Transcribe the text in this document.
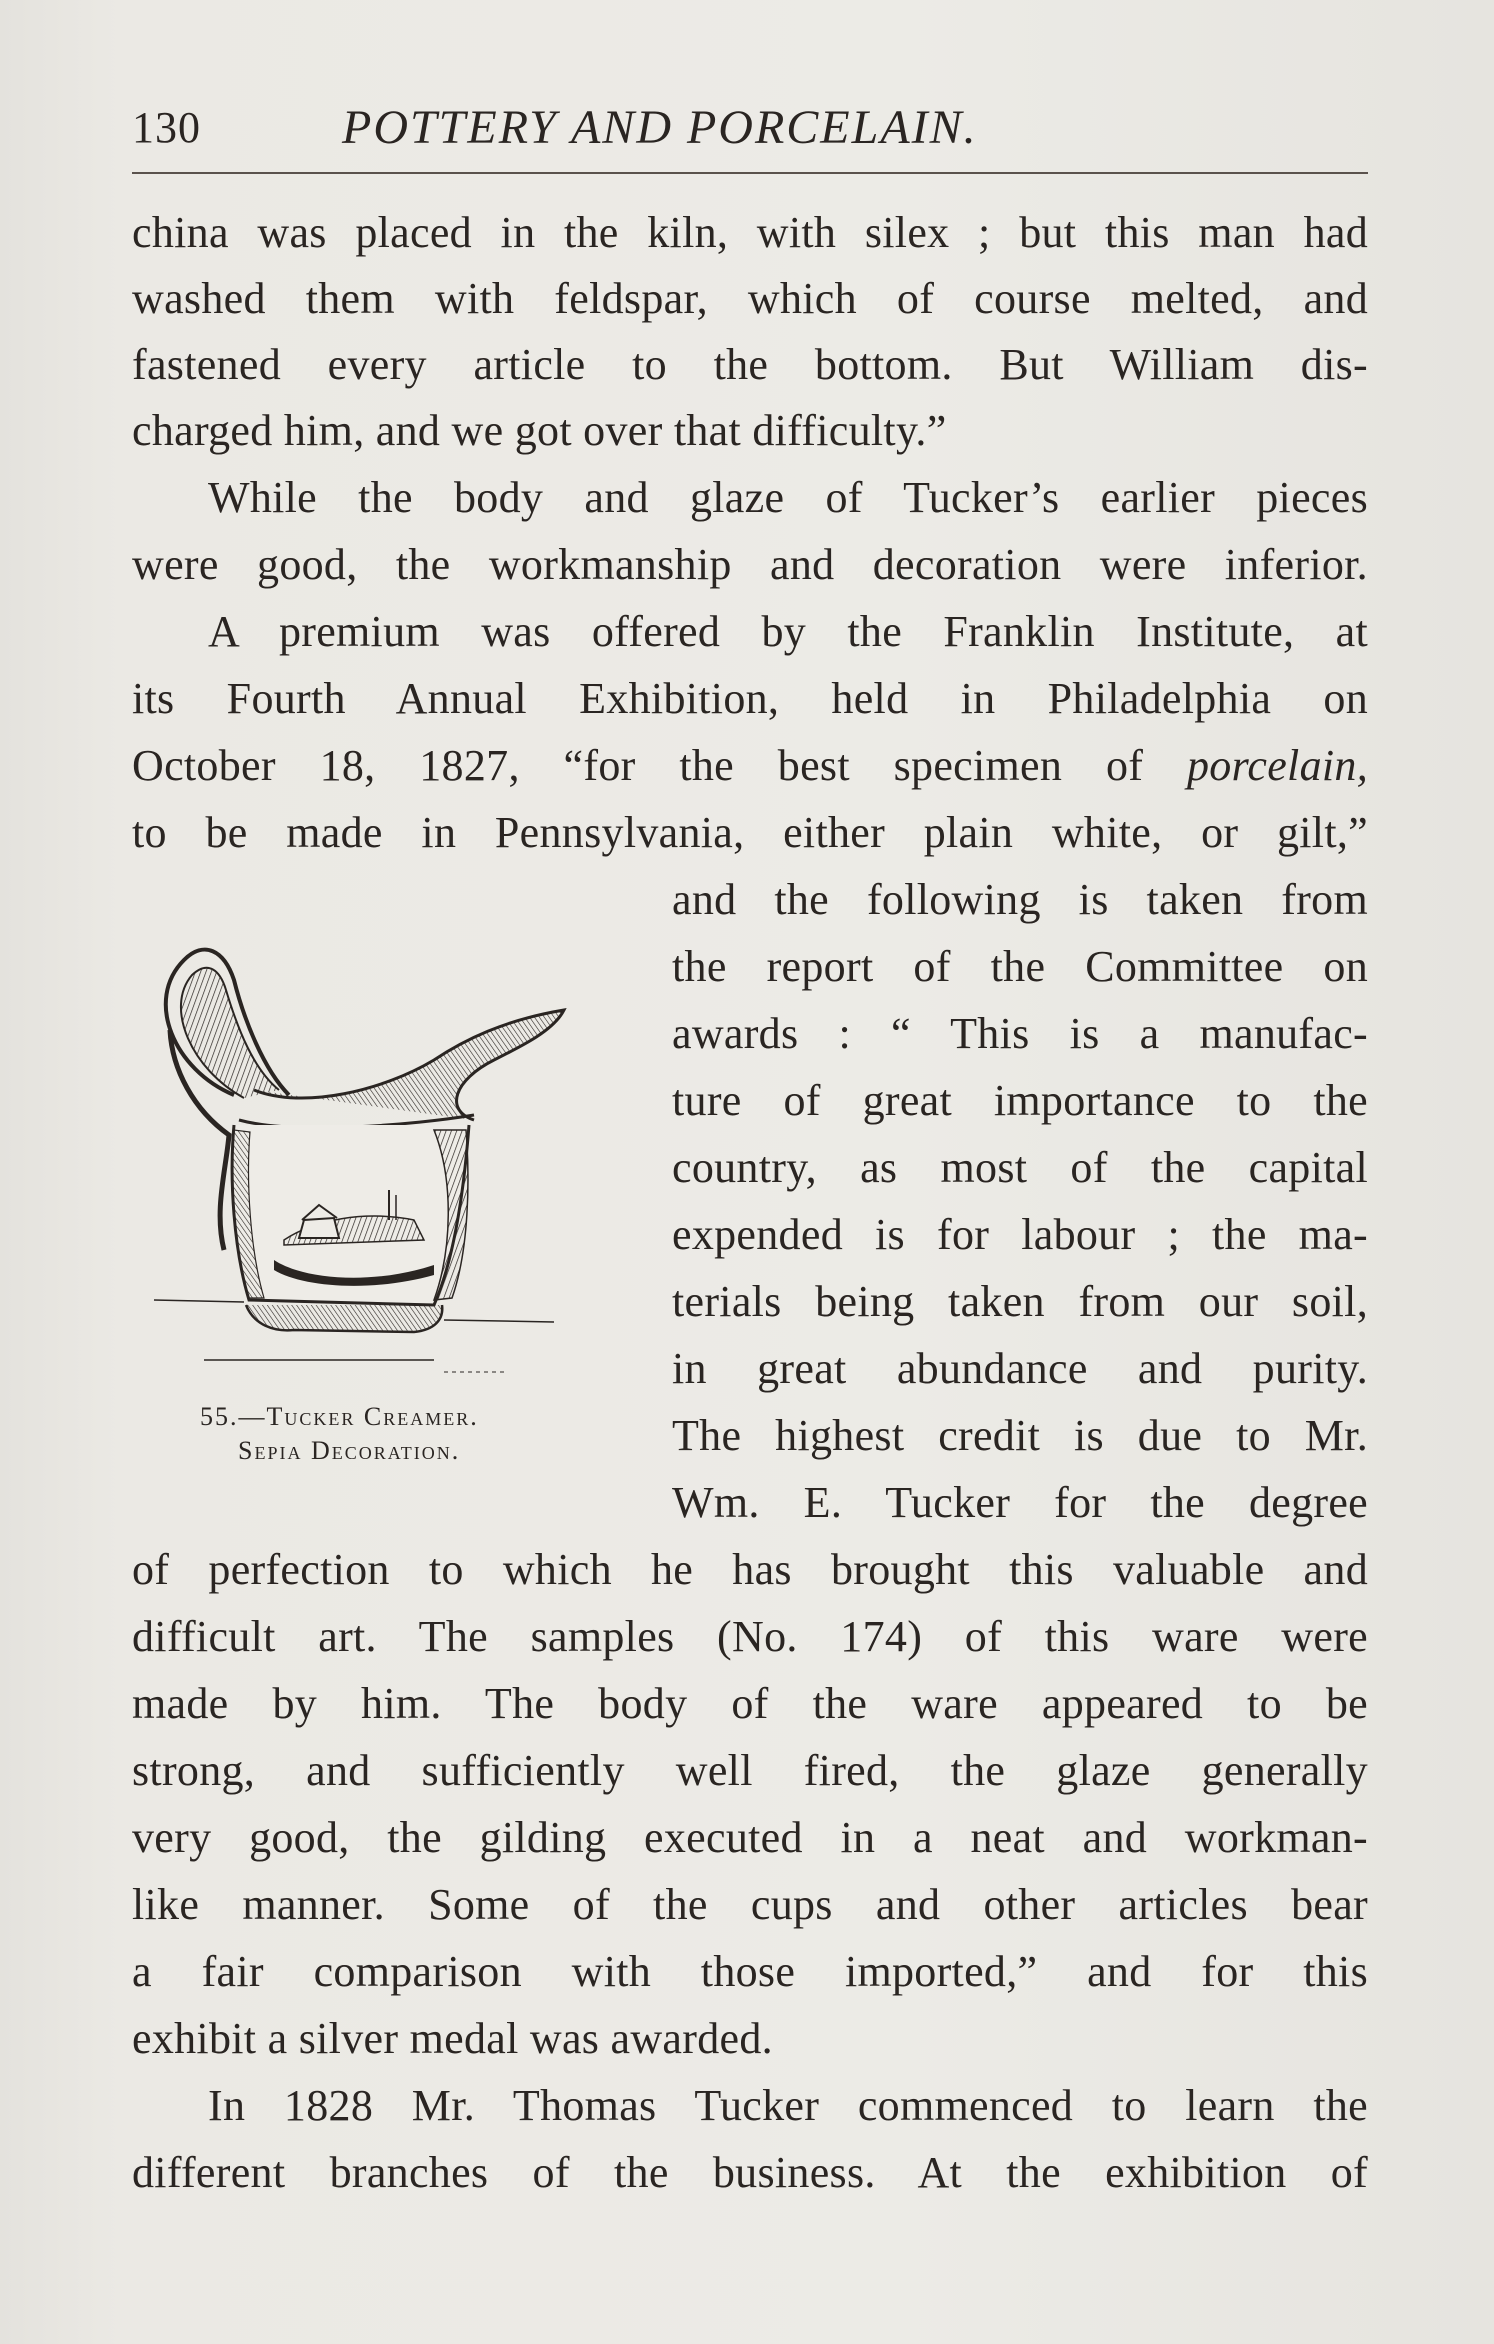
130	POTTERY AND PORCELAIN.
china was placed in the kiln, with silex ; but this man had
washed them with feldspar, which of course melted, and
fastened every article to the bottom. But William dis-
charged him, and we got over that difficulty.”
While the body and glaze of Tucker’s earlier pieces
were good, the workmanship and decoration were inferior.
A premium was offered by the Franklin Institute, at
its Fourth Annual Exhibition, held in Philadelphia on
October 18, 1827, “for the best specimen of porcelain,
to be made in Pennsylvania, either plain white, or gilt,”
and the following is taken from
the report of the Committee on
awards : “ This is a manufac-
ture of great importance to the
country, as most of the capital
expended is for labour ; the ma-
terials being taken from our soil,
in great abundance and purity.
The highest credit is due to Mr.
Wm. E. Tucker for the degree
of perfection to which he has brought this valuable and
difficult art. The samples (No. 174) of this ware were
made by him. The body of the ware appeared to be
strong, and sufficiently well fired, the glaze generally
very good, the gilding executed in a neat and workman-
like manner. Some of the cups and other articles bear
a fair comparison with those imported,” and for this
exhibit a silver medal was awarded.
In 1828 Mr. Thomas Tucker commenced to learn the
different branches of the business. At the exhibition of
55.—Tucker Creamer.
Sepia Decoration.
